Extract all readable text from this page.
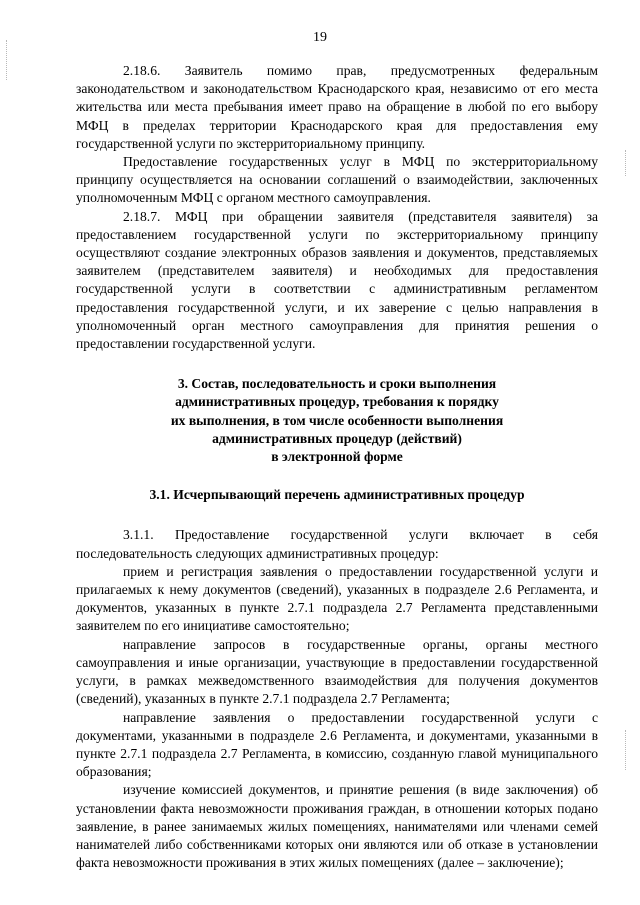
19

2.18.6. Заявитель помимо прав, предусмотренных федеральным законодательством и законодательством Краснодарского края, независимо от его места жительства или места пребывания имеет право на обращение в любой по его выбору МФЦ в пределах территории Краснодарского края для предоставления ему государственной услуги по экстерриториальному принципу.

Предоставление государственных услуг в МФЦ по экстерриториальному принципу осуществляется на основании соглашений о взаимодействии, заключенных уполномоченным МФЦ с органом местного самоуправления.

2.18.7. МФЦ при обращении заявителя (представителя заявителя) за предоставлением государственной услуги по экстерриториальному принципу осуществляют создание электронных образов заявления и документов, представляемых заявителем (представителем заявителя) и необходимых для предоставления государственной услуги в соответствии с административным регламентом предоставления государственной услуги, и их заверение с целью направления в уполномоченный орган местного самоуправления для принятия решения о предоставлении государственной услуги.

3. Состав, последовательность и сроки выполнения
административных процедур, требования к порядку
их выполнения, в том числе особенности выполнения
административных процедур (действий)
в электронной форме
3.1. Исчерпывающий перечень административных процедур

3.1.1. Предоставление государственной услуги включает в себя последовательность следующих административных процедур:

прием и регистрация заявления о предоставлении государственной услуги и прилагаемых к нему документов (сведений), указанных в подразделе 2.6 Регламента, и документов, указанных в пункте 2.7.1 подраздела 2.7 Регламента представленными заявителем по его инициативе самостоятельно;

направление запросов в государственные органы, органы местного самоуправления и иные организации, участвующие в предоставлении государственной услуги, в рамках межведомственного взаимодействия для получения документов (сведений), указанных в пункте 2.7.1 подраздела 2.7 Регламента;

направление заявления о предоставлении государственной услуги с документами, указанными в подразделе 2.6 Регламента, и документами, указанными в пункте 2.7.1 подраздела 2.7 Регламента, в комиссию, созданную главой муниципального образования;

изучение комиссией документов, и принятие решения (в виде заключения) об установлении факта невозможности проживания граждан, в отношении которых подано заявление, в ранее занимаемых жилых помещениях, нанимателями или членами семей нанимателей либо собственниками которых они являются или об отказе в установлении факта невозможности проживания в этих жилых помещениях (далее – заключение);
